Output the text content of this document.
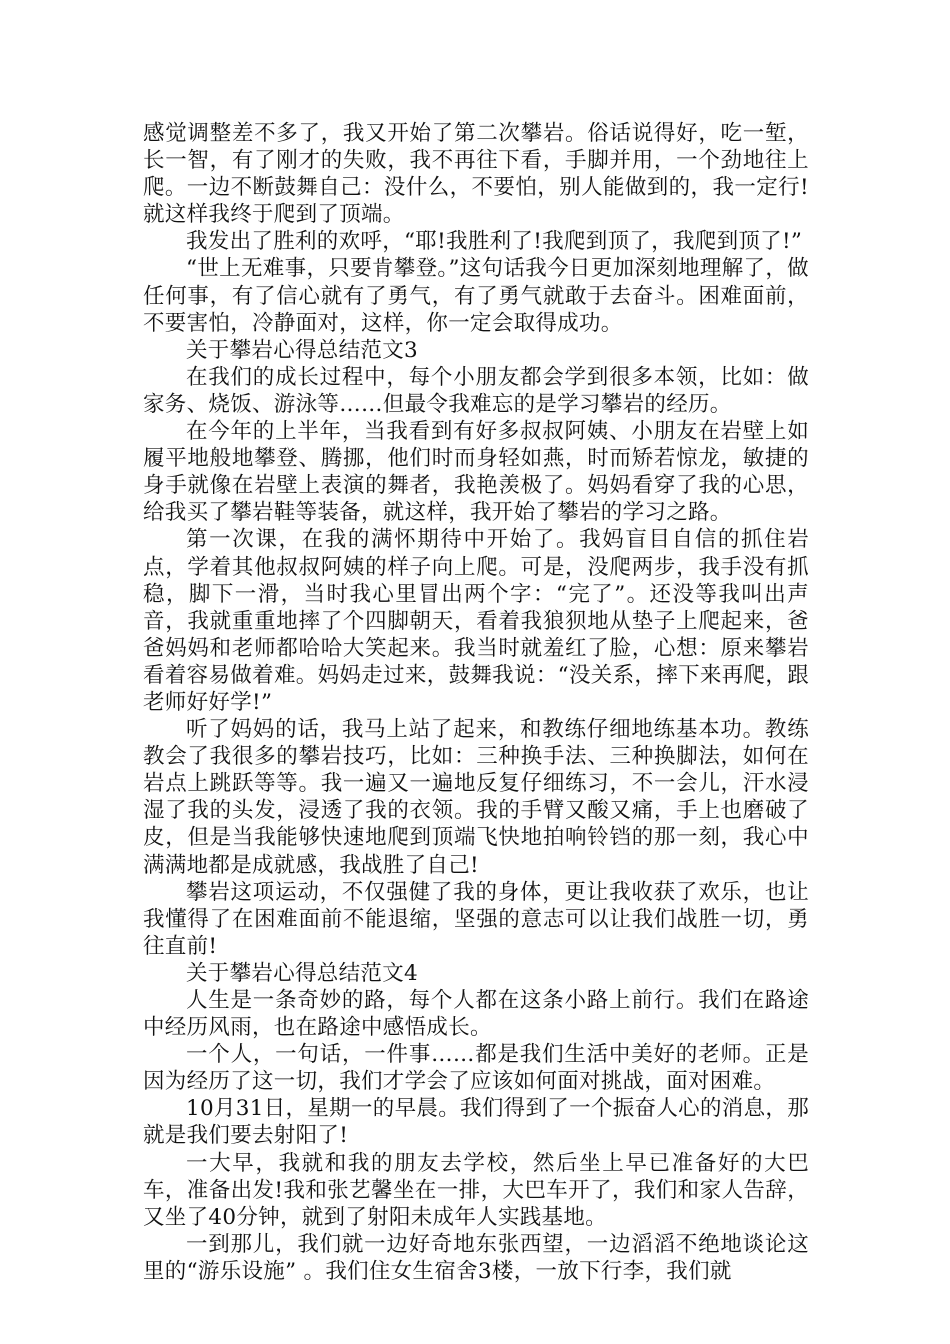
感觉调整差不多了，我又开始了第二次攀岩。俗话说得好，吃一堑，长一智，有了刚才的失败，我不再往下看，手脚并用，一个劲地往上爬。一边不断鼓舞自己：没什么，不要怕，别人能做到的，我一定行!就这样我终于爬到了顶端。

我发出了胜利的欢呼，“耶!我胜利了!我爬到顶了，我爬到顶了!”

“世上无难事，只要肯攀登。”这句话我今日更加深刻地理解了，做任何事，有了信心就有了勇气，有了勇气就敢于去奋斗。困难面前，不要害怕，冷静面对，这样，你一定会取得成功。

关于攀岩心得总结范文3

在我们的成长过程中，每个小朋友都会学到很多本领，比如：做家务、烧饭、游泳等……但最令我难忘的是学习攀岩的经历。

在今年的上半年，当我看到有好多叔叔阿姨、小朋友在岩壁上如履平地般地攀登、腾挪，他们时而身轻如燕，时而矫若惊龙，敏捷的身手就像在岩壁上表演的舞者，我艳羡极了。妈妈看穿了我的心思，给我买了攀岩鞋等装备，就这样，我开始了攀岩的学习之路。

第一次课，在我的满怀期待中开始了。我妈盲目自信的抓住岩点，学着其他叔叔阿姨的样子向上爬。可是，没爬两步，我手没有抓稳，脚下一滑，当时我心里冒出两个字：“完了”。还没等我叫出声音，我就重重地摔了个四脚朝天，看着我狼狈地从垫子上爬起来，爸爸妈妈和老师都哈哈大笑起来。我当时就羞红了脸，心想：原来攀岩看着容易做着难。妈妈走过来，鼓舞我说：“没关系，摔下来再爬，跟老师好好学!”

听了妈妈的话，我马上站了起来，和教练仔细地练基本功。教练教会了我很多的攀岩技巧，比如：三种换手法、三种换脚法，如何在岩点上跳跃等等。我一遍又一遍地反复仔细练习，不一会儿，汗水浸湿了我的头发，浸透了我的衣领。我的手臂又酸又痛，手上也磨破了皮，但是当我能够快速地爬到顶端飞快地拍响铃铛的那一刻，我心中满满地都是成就感，我战胜了自己!

攀岩这项运动，不仅强健了我的身体，更让我收获了欢乐，也让我懂得了在困难面前不能退缩，坚强的意志可以让我们战胜一切，勇往直前!

关于攀岩心得总结范文4

人生是一条奇妙的路，每个人都在这条小路上前行。我们在路途中经历风雨，也在路途中感悟成长。

一个人，一句话，一件事……都是我们生活中美好的老师。正是因为经历了这一切，我们才学会了应该如何面对挑战，面对困难。

10月31日，星期一的早晨。我们得到了一个振奋人心的消息，那就是我们要去射阳了!

一大早，我就和我的朋友去学校，然后坐上早已准备好的大巴车，准备出发!我和张艺馨坐在一排，大巴车开了，我们和家人告辞，又坐了40分钟，就到了射阳未成年人实践基地。

一到那儿，我们就一边好奇地东张西望，一边滔滔不绝地谈论这里的“游乐设施” 。我们住女生宿舍3楼，一放下行李，我们就
